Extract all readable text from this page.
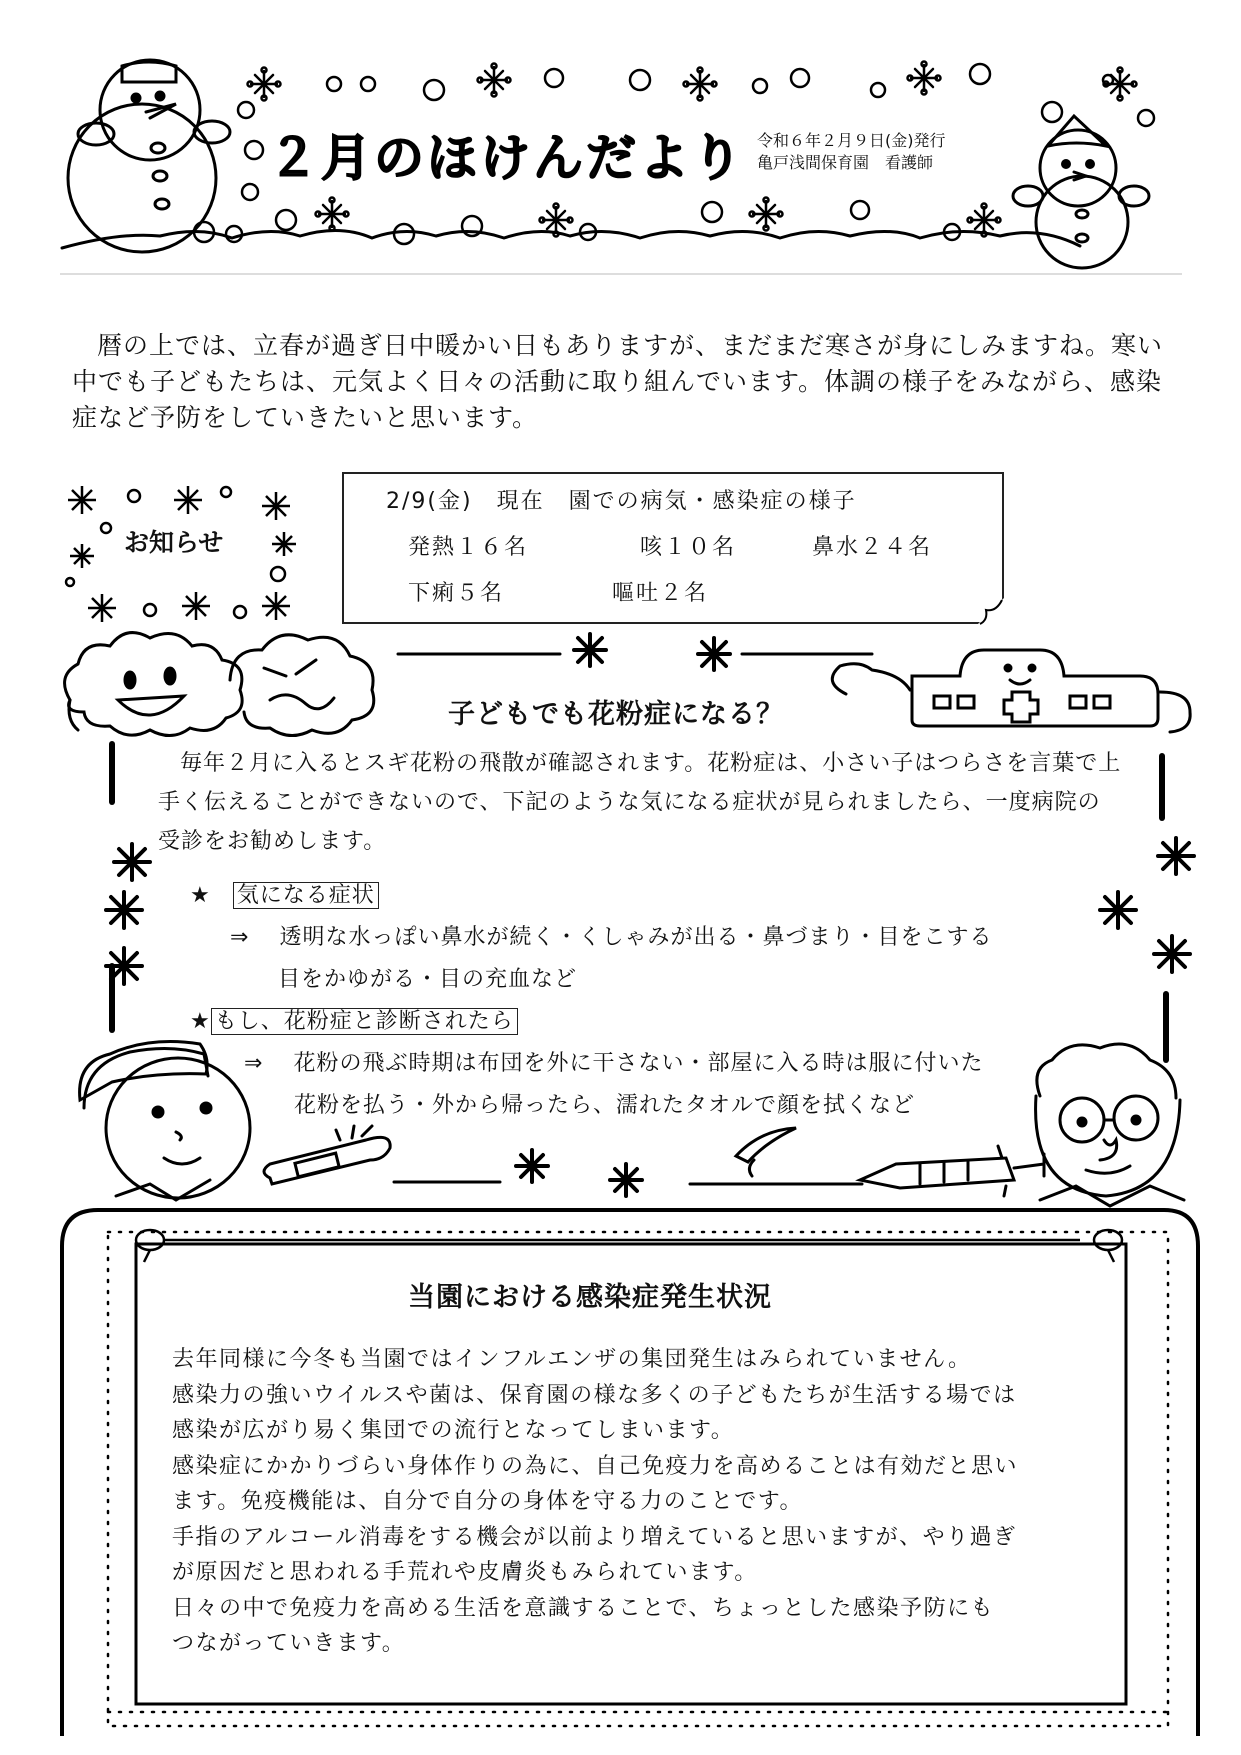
２月のほけんだより 令和６年２月９日(金)発行
亀戸浅間保育園　看護師

暦の上では、立春が過ぎ日中暖かい日もありますが、まだまだ寒さが身にしみますね。寒い中でも子どもたちは、元気よく日々の活動に取り組んでいます。体調の様子をみながら、感染症など予防をしていきたいと思います。

お知らせ
2/9(金)　現在　園での病気・感染症の様子
発熱１６名	咳１０名	鼻水２４名
下痢５名	嘔吐２名
子どもでも花粉症になる？

毎年２月に入るとスギ花粉の飛散が確認されます。花粉症は、小さい子はつらさを言葉で上手く伝えることができないので、下記のような気になる症状が見られましたら、一度病院の受診をお勧めします。

★ 気になる症状
⇒ 透明な水っぽい鼻水が続く・くしゃみが出る・鼻づまり・目をこする
目をかゆがる・目の充血など
★ もし、花粉症と診断されたら
⇒ 花粉の飛ぶ時期は布団を外に干さない・部屋に入る時は服に付いた
花粉を払う・外から帰ったら、濡れたタオルで顔を拭くなど
当園における感染症発生状況
去年同様に今冬も当園ではインフルエンザの集団発生はみられていません。
感染力の強いウイルスや菌は、保育園の様な多くの子どもたちが生活する場では
感染が広がり易く集団での流行となってしまいます。
感染症にかかりづらい身体作りの為に、自己免疫力を高めることは有効だと思い
ます。免疫機能は、自分で自分の身体を守る力のことです。
手指のアルコール消毒をする機会が以前より増えていると思いますが、やり過ぎ
が原因だと思われる手荒れや皮膚炎もみられています。
日々の中で免疫力を高める生活を意識することで、ちょっとした感染予防にも
つながっていきます。
